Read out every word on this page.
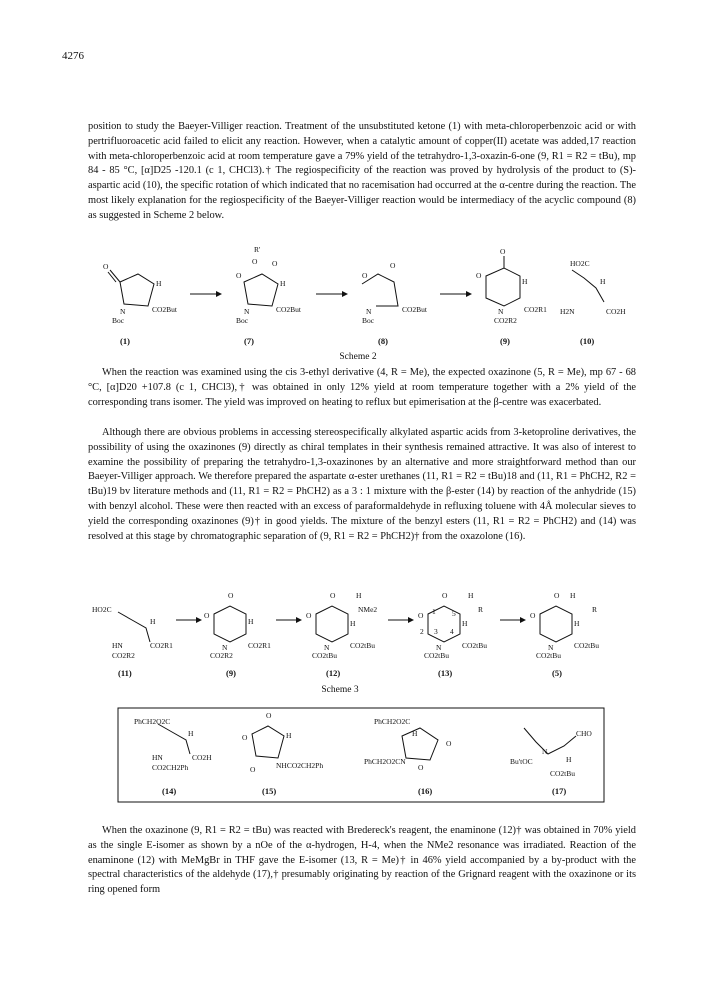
4276

position to study the Baeyer-Villiger reaction. Treatment of the unsubstituted ketone (1) with meta-chloroperbenzoic acid or with pertrifluoroacetic acid failed to elicit any reaction. However, when a catalytic amount of copper(II) acetate was added,17 reaction with meta-chloroperbenzoic acid at room temperature gave a 79% yield of the tetrahydro-1,3-oxazin-6-one (9, R1 = R2 = tBu), mp 84 - 85 °C, [α]D25 -120.1 (c 1, CHCl3).† The regiospecificity of the reaction was proved by hydrolysis of the product to (S)-aspartic acid (10), the specific rotation of which indicated that no racemisation had occurred at the α-centre during the reaction. The most likely explanation for the regiospecificity of the Baeyer-Villiger reaction would be intermediacy of the acyclic compound (8) as suggested in Scheme 2 below.

O
H
N
Boc
CO2But
(1)
R'
O O
O
H
N
Boc
CO2But
(7)
O
O
N
Boc
CO2But
(8)
O
O
H
N	CO2R1
CO2R2
(9)
HO2C
H
H2N	CO2H
(10)
Scheme 2

When the reaction was examined using the cis 3-ethyl derivative (4, R = Me), the expected oxazinone (5, R = Me), mp 67 - 68 °C, [α]D20 +107.8 (c 1, CHCl3),† was obtained in only 12% yield at room temperature together with a 2% yield of the corresponding trans isomer. The yield was improved on heating to reflux but epimerisation at the β-centre was exacerbated.

Although there are obvious problems in accessing stereospecifically alkylated aspartic acids from 3-ketoproline derivatives, the possibility of using the oxazinones (9) directly as chiral templates in their synthesis remained attractive. It was also of interest to examine the possibility of preparing the tetrahydro-1,3-oxazinones by an alternative and more straightforward method than our Baeyer-Villiger approach. We therefore prepared the aspartate α-ester urethanes (11, R1 = R2 = tBu)18 and (11, R1 = PhCH2, R2 = tBu)19 bv literature methods and (11, R1 = R2 = PhCH2) as a 3 : 1 mixture with the β-ester (14) by reaction of the anhydride (15) with benzyl alcohol. These were then reacted with an excess of paraformaldehyde in refluxing toluene with 4Å molecular sieves to yield the corresponding oxazinones (9)† in good yields. The mixture of the benzyl esters (11, R1 = R2 = PhCH2) and (14) was resolved at this stage by chromatographic separation of (9, R1 = R2 = PhCH2)† from the oxazolone (16).

HO2C
H
HN	CO2R1
CO2R2
(11)
O
O
H
N	CO2R1
CO2R2
(9)
O	H
NMe2
O
H
N	CO2tBu
CO2tBu
(12)
O	H
R
O 1 5
H
2 3 4
N	CO2tBu
CO2tBu
(13)
O H
R
O
H
N	CO2tBu
CO2tBu
(5)
Scheme 3
PhCH2O2C
H
HN	CO2H
CO2CH2Ph
(14)
O
H
O
O	NHCO2CH2Ph
(15)
PhCH2O2C
H
O
PhCH2O2CN
O
(16)
CHO
N
Bu'tOC	H
CO2tBu
(17)

When the oxazinone (9, R1 = R2 = tBu) was reacted with Bredereck's reagent, the enaminone (12)† was obtained in 70% yield as the single E-isomer as shown by a nOe of the α-hydrogen, H-4, when the NMe2 resonance was irradiated. Reaction of the enaminone (12) with MeMgBr in THF gave the E-isomer (13, R = Me)† in 46% yield accompanied by a by-product with the spectral characteristics of the aldehyde (17),† presumably originating by reaction of the Grignard reagent with the oxazinone or its ring opened form
